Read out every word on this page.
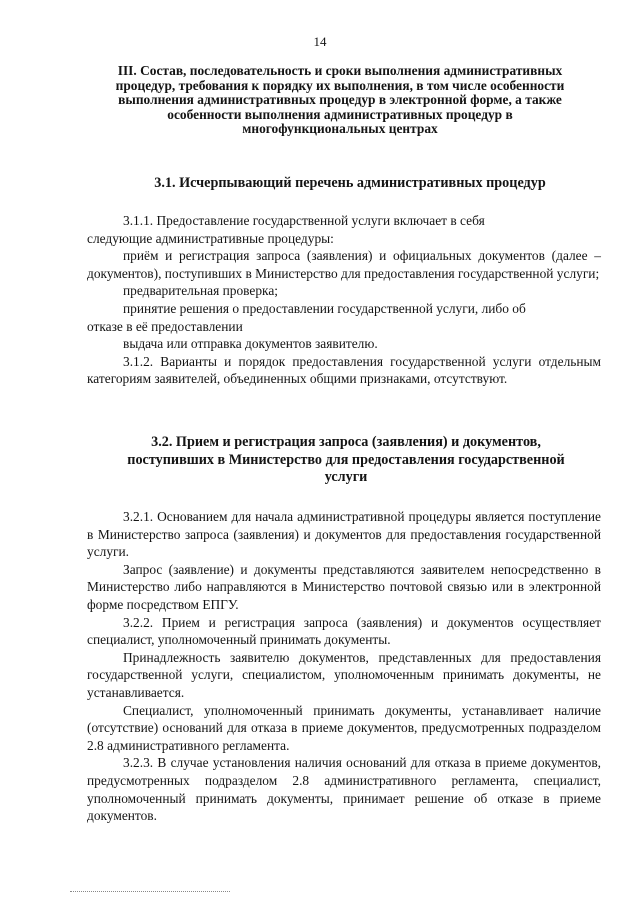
14
III. Состав, последовательность и сроки выполнения административных
процедур, требования к порядку их выполнения, в том числе особенности
выполнения административных процедур в электронной форме, а также
особенности выполнения административных процедур в
многофункциональных центрах
3.1. Исчерпывающий перечень административных процедур

3.1.1. Предоставление государственной услуги включает в себя

следующие административные процедуры:

приём и регистрация запроса (заявления) и официальных документов (далее – документов), поступивших в Министерство для предоставления государственной услуги;

предварительная проверка;

принятие решения о предоставлении государственной услуги, либо об

отказе в её предоставлении

выдача или отправка документов заявителю.

3.1.2. Варианты и порядок предоставления государственной услуги отдельным категориям заявителей, объединенных общими признаками, отсутствуют.

3.2. Прием и регистрация запроса (заявления) и документов,
поступивших в Министерство для предоставления государственной
услуги

3.2.1. Основанием для начала административной процедуры является поступление в Министерство запроса (заявления) и документов для предоставления государственной услуги.

Запрос (заявление) и документы представляются заявителем непосредственно в Министерство либо направляются в Министерство почтовой связью или в электронной форме посредством ЕПГУ.

3.2.2. Прием и регистрация запроса (заявления) и документов осуществляет специалист, уполномоченный принимать документы.

Принадлежность заявителю документов, представленных для предоставления государственной услуги, специалистом, уполномоченным принимать документы, не устанавливается.

Специалист, уполномоченный принимать документы, устанавливает наличие (отсутствие) оснований для отказа в приеме документов, предусмотренных подразделом 2.8 административного регламента.

3.2.3. В случае установления наличия оснований для отказа в приеме документов, предусмотренных подразделом 2.8 административного регламента, специалист, уполномоченный принимать документы, принимает решение об отказе в приеме документов.
